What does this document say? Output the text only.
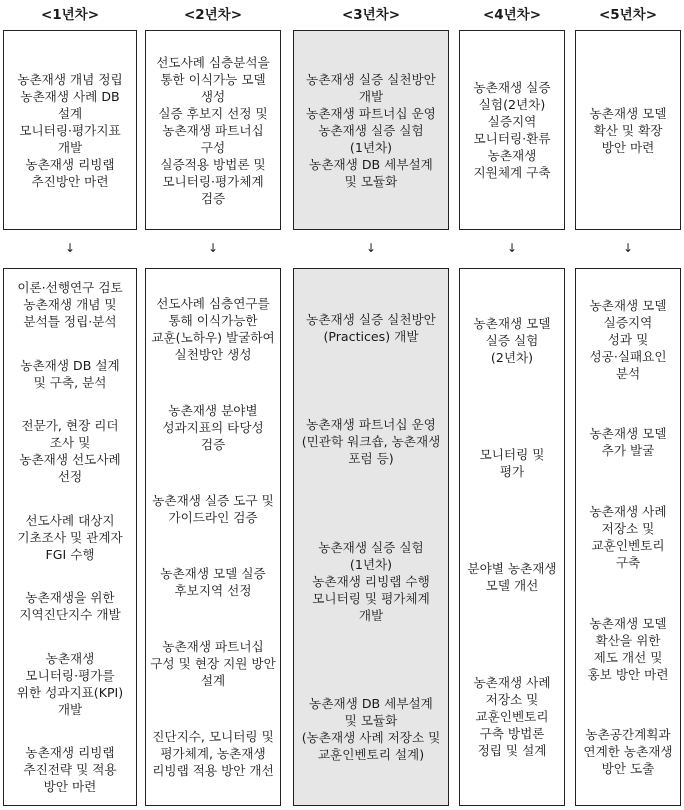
<1년차>
농촌재생 개념 정립
농촌재생 사례 DB
설계
모니터링·평가지표
개발
농촌재생 리빙랩
추진방안 마련
↓
이론·선행연구 검토
농촌재생 개념 및
분석틀 정립·분석
농촌재생 DB 설계
및 구축, 분석
전문가, 현장 리더
조사 및
농촌재생 선도사례
선정
선도사례 대상지
기초조사 및 관계자
FGI 수행
농촌재생을 위한
지역진단지수 개발
농촌재생
모니터링·평가를
위한 성과지표(KPI)
개발
농촌재생 리빙랩
추진전략 및 적용
방안 마련
<2년차>
선도사례 심층분석을
통한 이식가능 모델
생성
실증 후보지 선정 및
농촌재생 파트너십
구성
실증적용 방법론 및
모니터링·평가체계
검증
↓
선도사례 심층연구를
통해 이식가능한
교훈(노하우) 발굴하여
실천방안 생성
농촌재생 분야별
성과지표의 타당성
검증
농촌재생 실증 도구 및
가이드라인 검증
농촌재생 모델 실증
후보지역 선정
농촌재생 파트너십
구성 및 현장 지원 방안
설계
진단지수, 모니터링 및
평가체계, 농촌재생
리빙랩 적용 방안 개선
<3년차>
농촌재생 실증 실천방안
개발
농촌재생 파트너십 운영
농촌재생 실증 실험
(1년차)
농촌재생 DB 세부설계
및 모듈화
↓
농촌재생 실증 실천방안
(Practices) 개발
농촌재생 파트너십 운영
(민관학 워크숍, 농촌재생
포럼 등)
농촌재생 실증 실험
(1년차)
농촌재생 리빙랩 수행
모니터링 및 평가체계
개발
농촌재생 DB 세부설계
및 모듈화
(농촌재생 사례 저장소 및
교훈인벤토리 설계)
<4년차>
농촌재생 실증
실험(2년차)
실증지역
모니터링·환류
농촌재생
지원체계 구축
↓
농촌재생 모델
실증 실험
(2년차)
모니터링 및
평가
분야별 농촌재생
모델 개선
농촌재생 사례
저장소 및
교훈인벤토리
구축 방법론
정립 및 설계
<5년차>
농촌재생 모델
확산 및 확장
방안 마련
↓
농촌재생 모델
실증지역
성과 및
성공·실패요인
분석
농촌재생 모델
추가 발굴
농촌재생 사례
저장소 및
교훈인벤토리
구축
농촌재생 모델
확산을 위한
제도 개선 및
홍보 방안 마련
농촌공간계획과
연계한 농촌재생
방안 도출
